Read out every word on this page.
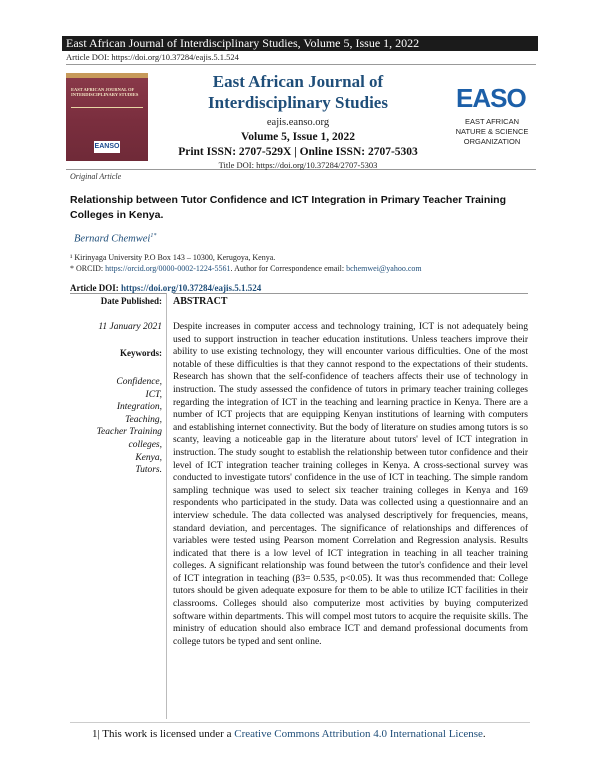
East African Journal of Interdisciplinary Studies, Volume 5, Issue 1, 2022
Article DOI: https://doi.org/10.37284/eajis.5.1.524
EAST AFRICAN JOURNAL OF INTERDISCIPLINARY STUDIES
EANSO
East African Journal of Interdisciplinary Studies
eajis.eanso.org
Volume 5, Issue 1, 2022
Print ISSN: 2707-529X | Online ISSN: 2707-5303
Title DOI: https://doi.org/10.37284/2707-5303
EASO
EAST AFRICAN NATURE & SCIENCE ORGANIZATION
Original Article
Relationship between Tutor Confidence and ICT Integration in Primary Teacher Training Colleges in Kenya.
Bernard Chemwei$^{1*}$
¹ Kirinyaga University P.O Box 143 – 10300, Kerugoya, Kenya.
* ORCID: https://orcid.org/0000-0002-1224-5561. Author for Correspondence email: bchemwei@yahoo.com
Article DOI: https://doi.org/10.37284/eajis.5.1.524
Date Published:
11 January 2021
Keywords:
Confidence,
ICT,
Integration,
Teaching,
Teacher Training
colleges,
Kenya,
Tutors.
ABSTRACT
Despite increases in computer access and technology training, ICT is not adequately being used to support instruction in teacher education institutions. Unless teachers improve their ability to use existing technology, they will encounter various difficulties. One of the most notable of these difficulties is that they cannot respond to the expectations of their students. Research has shown that the self-confidence of teachers affects their use of technology in instruction. The study assessed the confidence of tutors in primary teacher training colleges regarding the integration of ICT in the teaching and learning practice in Kenya. There are a number of ICT projects that are equipping Kenyan institutions of learning with computers and establishing internet connectivity. But the body of literature on studies among tutors is so scanty, leaving a noticeable gap in the literature about tutors' level of ICT integration in instruction. The study sought to establish the relationship between tutor confidence and their level of ICT integration teacher training colleges in Kenya. A cross-sectional survey was conducted to investigate tutors' confidence in the use of ICT in teaching. The simple random sampling technique was used to select six teacher training colleges in Kenya and 169 respondents who participated in the study. Data was collected using a questionnaire and an interview schedule. The data collected was analysed descriptively for frequencies, means, standard deviation, and percentages. The significance of relationships and differences of variables were tested using Pearson moment Correlation and Regression analysis. Results indicated that there is a low level of ICT integration in teaching in all teacher training colleges. A significant relationship was found between the tutor's confidence and their level of ICT integration in teaching (β3= 0.535, p<0.05). It was thus recommended that: College tutors should be given adequate exposure for them to be able to utilize ICT facilities in their classrooms. Colleges should also computerize most activities by buying computerized software within departments. This will compel most tutors to acquire the requisite skills. The ministry of education should also embrace ICT and demand professional documents from college tutors be typed and sent online.
1| This work is licensed under a Creative Commons Attribution 4.0 International License.
